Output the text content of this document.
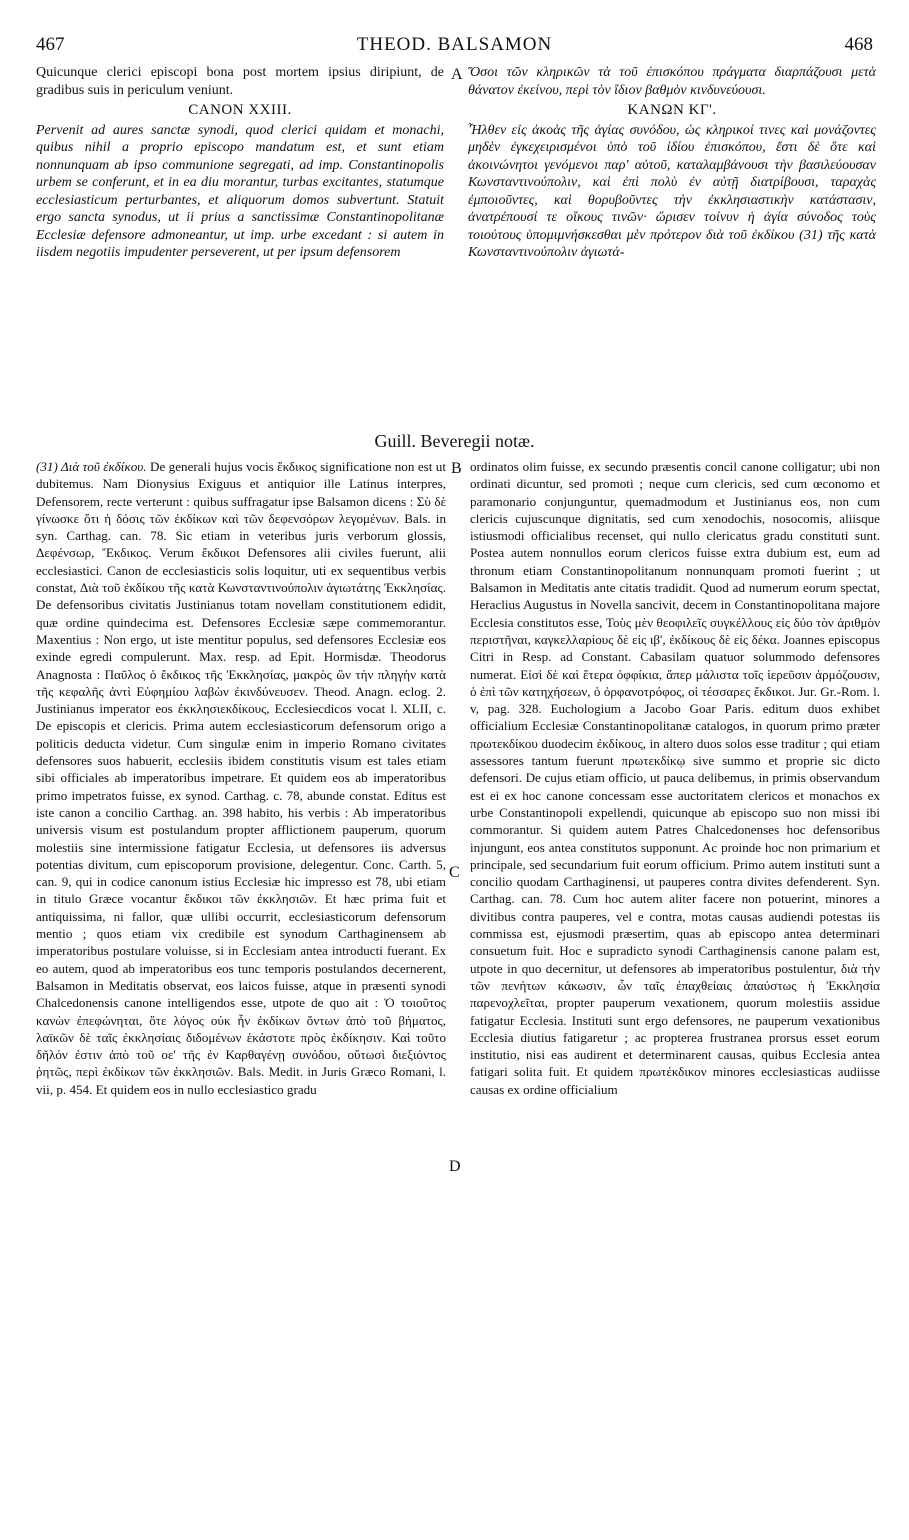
467	THEOD. BALSAMON	468
A
B
C
D

Quicunque clerici episcopi bona post mortem ipsius diripiunt, de gradibus suis in periculum veniunt.

CANON XXIII.

Pervenit ad aures sanctæ synodi, quod clerici quidam et monachi, quibus nihil a proprio episcopo mandatum est, et sunt etiam nonnunquam ab ipso communione segregati, ad imp. Constantinopolis urbem se conferunt, et in ea diu morantur, turbas excitantes, statumque ecclesiasticum perturbantes, et aliquorum domos subvertunt. Statuit ergo sancta synodus, ut ii prius a sanctissimæ Constantinopolitanæ Ecclesiæ defensore admoneantur, ut imp. urbe excedant : si autem in iisdem negotiis impudenter perseverent, ut per ipsum defensorem

Ὅσοι τῶν κληρικῶν τὰ τοῦ ἐπισκόπου πράγματα διαρπάζουσι μετὰ θάνατον ἐκείνου, περὶ τὸν ἴδιον βαθμὸν κινδυνεύουσι.

ΚΑΝΩΝ ΚΓ'.

Ἦλθεν εἰς ἀκοὰς τῆς ἁγίας συνόδου, ὡς κληρικοί τινες καὶ μονάζοντες μηδὲν ἐγκεχειρισμένοι ὑπὸ τοῦ ἰδίου ἐπισκόπου, ἔστι δὲ ὅτε καὶ ἀκοινώνητοι γενόμενοι παρ' αὐτοῦ, καταλαμβάνουσι τὴν βασιλεύουσαν Κωνσταντινούπολιν, καὶ ἐπὶ πολὺ ἐν αὐτῇ διατρίβουσι, ταραχὰς ἐμποιοῦντες, καὶ θορυβοῦντες τὴν ἐκκλησιαστικὴν κατάστασιν, ἀνατρέπουσί τε οἴκους τινῶν· ὥρισεν τοίνυν ἡ ἁγία σύνοδος τοὺς τοιούτους ὑπομιμνήσκεσθαι μὲν πρότερον διὰ τοῦ ἐκδίκου (31) τῆς κατὰ Κωνσταντινούπολιν ἁγιωτά-

Guill. Beveregii notæ.

(31) Διὰ τοῦ ἐκδίκου. De generali hujus vocis ἔκδικος significatione non est ut dubitemus. Nam Dionysius Exiguus et antiquior ille Latinus interpres, Defensorem, recte verterunt : quibus suffragatur ipse Balsamon dicens : Σὺ δὲ γίνωσκε ὅτι ἡ δόσις τῶν ἐκδίκων καὶ τῶν δεφενσόρων λεγομένων. Bals. in syn. Carthag. can. 78. Sic etiam in veteribus juris verborum glossis, Δεφένσωρ, Ἔκδικος. Verum ἔκδικοι Defensores alii civiles fuerunt, alii ecclesiastici. Canon de ecclesiasticis solis loquitur, uti ex sequentibus verbis constat, Διὰ τοῦ ἐκδίκου τῆς κατὰ Κωνσταντινούπολιν ἁγιωτάτης Ἐκκλησίας. De defensoribus civitatis Justinianus totam novellam constitutionem edidit, quæ ordine quindecima est. Defensores Ecclesiæ sæpe commemorantur. Maxentius : Non ergo, ut iste mentitur populus, sed defensores Ecclesiæ eos exinde egredi compulerunt. Max. resp. ad Epit. Hormisdæ. Theodorus Anagnosta : Παῦλος ὁ ἔκδικος τῆς Ἐκκλησίας, μακρὸς ὢν τὴν πληγὴν κατὰ τῆς κεφαλῆς ἀντὶ Εὐφημίου λαβὼν ἐκινδύνευσεν. Theod. Anagn. eclog. 2. Justinianus imperator eos ἐκκλησιεκδίκους, Ecclesiecdicos vocat l. XLII, c. De episcopis et clericis. Prima autem ecclesiasticorum defensorum origo a politicis deducta videtur. Cum singulæ enim in imperio Romano civitates defensores suos habuerit, ecclesiis ibidem constitutis visum est tales etiam sibi officiales ab imperatoribus impetrare. Et quidem eos ab imperatoribus primo impetratos fuisse, ex synod. Carthag. c. 78, abunde constat. Editus est iste canon a concilio Carthag. an. 398 habito, his verbis : Ab imperatoribus universis visum est postulandum propter afflictionem pauperum, quorum molestiis sine intermissione fatigatur Ecclesia, ut defensores iis adversus potentias divitum, cum episcoporum provisione, delegentur. Conc. Carth. 5, can. 9, qui in codice canonum istius Ecclesiæ hic impresso est 78, ubi etiam in titulo Græce vocantur ἔκδικοι τῶν ἐκκλησιῶν. Et hæc prima fuit et antiquissima, ni fallor, quæ ullibi occurrit, ecclesiasticorum defensorum mentio ; quos etiam vix credibile est synodum Carthaginensem ab imperatoribus postulare voluisse, si in Ecclesiam antea introducti fuerant. Ex eo autem, quod ab imperatoribus eos tunc temporis postulandos decernerent, Balsamon in Meditatis observat, eos laicos fuisse, atque in præsenti synodi Chalcedonensis canone intelligendos esse, utpote de quo ait : Ὁ τοιοῦτος κανὼν ἐπεφώνηται, ὅτε λόγος οὐκ ἦν ἐκδίκων ὄντων ἀπὸ τοῦ βήματος, λαϊκῶν δὲ ταῖς ἐκκλησίαις διδομένων ἑκάστοτε πρὸς ἐκδίκησιν. Καὶ τοῦτο δῆλόν ἐστιν ἀπὸ τοῦ οε' τῆς ἐν Καρθαγένῃ συνόδου, οὕτωσὶ διεξιόντος ῥητῶς, περὶ ἐκδίκων τῶν ἐκκλησιῶν. Bals. Medit. in Juris Græco Romani, l. vii, p. 454. Et quidem eos in nullo ecclesiastico gradu

ordinatos olim fuisse, ex secundo præsentis concil canone colligatur; ubi non ordinati dicuntur, sed promoti ; neque cum clericis, sed cum œconomo et paramonario conjunguntur, quemadmodum et Justinianus eos, non cum clericis cujuscunque dignitatis, sed cum xenodochis, nosocomis, aliisque istiusmodi officialibus recenset, qui nullo clericatus gradu constituti sunt. Postea autem nonnullos eorum clericos fuisse extra dubium est, eum ad thronum etiam Constantinopolitanum nonnunquam promoti fuerint ; ut Balsamon in Meditatis ante citatis tradidit. Quod ad numerum eorum spectat, Heraclius Augustus in Novella sancivit, decem in Constantinopolitana majore Ecclesia constitutos esse, Τοὺς μὲν θεοφιλεῖς συγκέλλους εἰς δύο τὸν ἀριθμὸν περιστῆναι, καγκελλαρίους δὲ εἰς ιβ', ἐκδίκους δὲ εἰς δέκα. Joannes episcopus Citri in Resp. ad Constant. Cabasilam quatuor solummodo defensores numerat. Εἰσὶ δὲ καὶ ἕτερα ὀφφίκια, ἅπερ μάλιστα τοῖς ἱερεῦσιν ἁρμόζουσιν, ὁ ἐπὶ τῶν κατηχήσεων, ὁ ὀρφανοτρόφος, οἱ τέσσαρες ἔκδικοι. Jur. Gr.-Rom. l. v, pag. 328. Euchologium a Jacobo Goar Paris. editum duos exhibet officialium Ecclesiæ Constantinopolitanæ catalogos, in quorum primo præter πρωτεκδίκου duodecim ἐκδίκους, in altero duos solos esse traditur ; qui etiam assessores tantum fuerunt πρωτεκδίκῳ sive summo et proprie sic dicto defensori. De cujus etiam officio, ut pauca delibemus, in primis observandum est ei ex hoc canone concessam esse auctoritatem clericos et monachos ex urbe Constantinopoli expellendi, quicunque ab episcopo suo non missi ibi commorantur. Si quidem autem Patres Chalcedonenses hoc defensoribus injungunt, eos antea constitutos supponunt. Ac proinde hoc non primarium et principale, sed secundarium fuit eorum officium. Primo autem instituti sunt a concilio quodam Carthaginensi, ut pauperes contra divites defenderent. Syn. Carthag. can. 78. Cum hoc autem aliter facere non potuerint, minores a divitibus contra pauperes, vel e contra, motas causas audiendi potestas iis commissa est, ejusmodi præsertim, quas ab episcopo antea determinari consuetum fuit. Hoc e supradicto synodi Carthaginensis canone palam est, utpote in quo decernitur, ut defensores ab imperatoribus postulentur, διὰ τὴν τῶν πενήτων κάκωσιν, ὧν ταῖς ἐπαχθείαις ἀπαύστως ἡ Ἐκκλησία παρενοχλεῖται, propter pauperum vexationem, quorum molestiis assidue fatigatur Ecclesia. Instituti sunt ergo defensores, ne pauperum vexationibus Ecclesia diutius fatigaretur ; ac propterea frustranea prorsus esset eorum institutio, nisi eas audirent et determinarent causas, quibus Ecclesia antea fatigari solita fuit. Et quidem πρωτέκδικον minores ecclesiasticas audiisse causas ex ordine officialium
